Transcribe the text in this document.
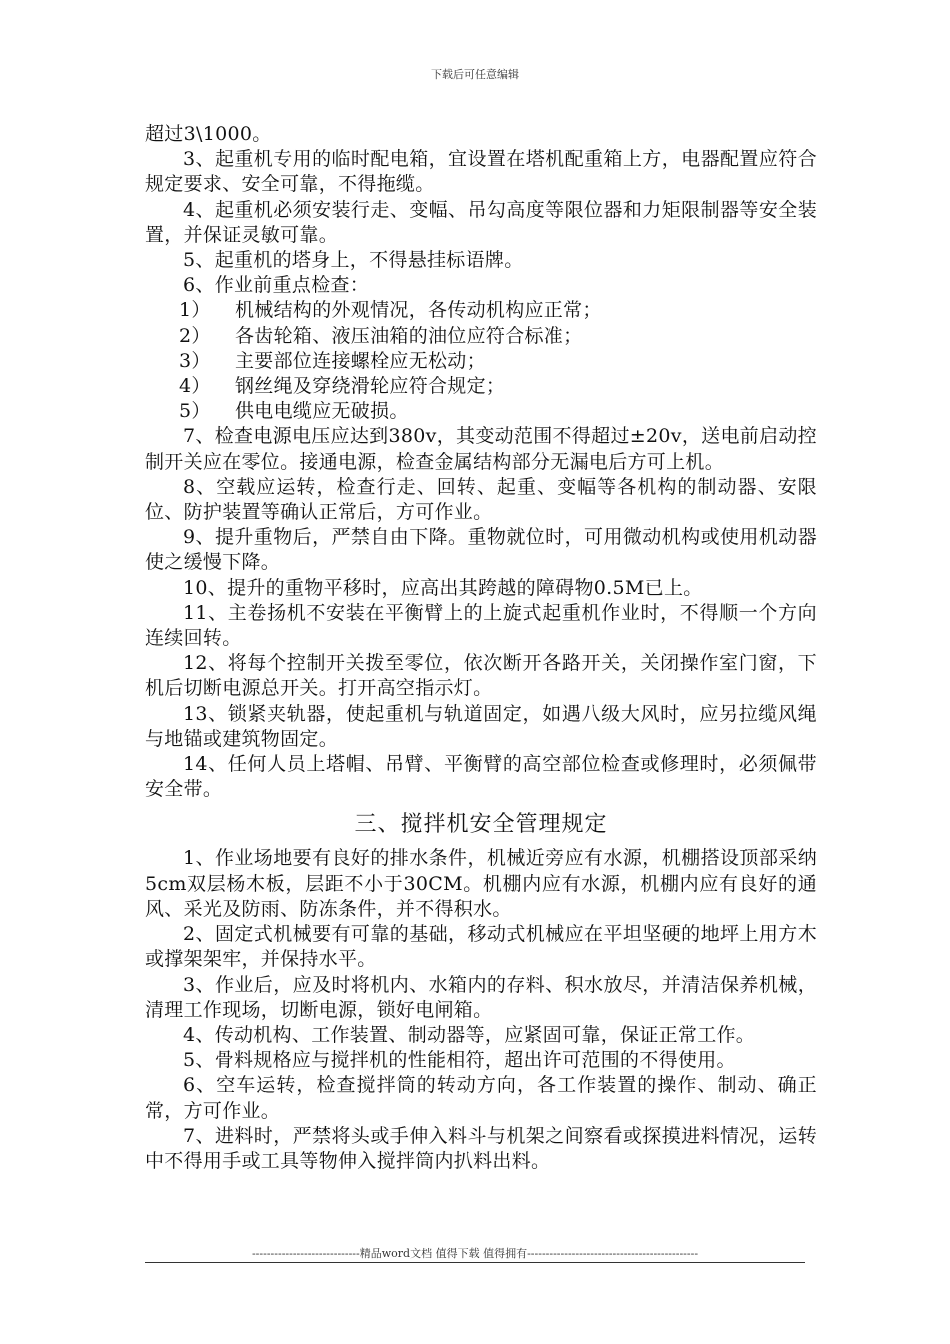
下载后可任意编辑

超过3\1000。

3、起重机专用的临时配电箱，宜设置在塔机配重箱上方，电器配置应符合规定要求、安全可靠，不得拖缆。

4、起重机必须安装行走、变幅、吊勾高度等限位器和力矩限制器等安全装置，并保证灵敏可靠。

5、起重机的塔身上，不得悬挂标语牌。

6、作业前重点检查：

1） 机械结构的外观情况，各传动机构应正常；
2） 各齿轮箱、液压油箱的油位应符合标准；
3） 主要部位连接螺栓应无松动；
4） 钢丝绳及穿绕滑轮应符合规定；
5） 供电电缆应无破损。

7、检查电源电压应达到380v，其变动范围不得超过±20v，送电前启动控制开关应在零位。接通电源，检查金属结构部分无漏电后方可上机。

8、空载应运转，检查行走、回转、起重、变幅等各机构的制动器、安限位、防护装置等确认正常后，方可作业。

9、提升重物后，严禁自由下降。重物就位时，可用微动机构或使用机动器使之缓慢下降。

10、提升的重物平移时，应高出其跨越的障碍物0.5M已上。

11、主卷扬机不安装在平衡臂上的上旋式起重机作业时，不得顺一个方向连续回转。

12、将每个控制开关拨至零位，依次断开各路开关，关闭操作室门窗，下机后切断电源总开关。打开高空指示灯。

13、锁紧夹轨器，使起重机与轨道固定，如遇八级大风时，应另拉缆风绳与地锚或建筑物固定。

14、任何人员上塔帽、吊臂、平衡臂的高空部位检查或修理时，必须佩带安全带。

三、搅拌机安全管理规定

1、作业场地要有良好的排水条件，机械近旁应有水源，机棚搭设顶部采纳5cm双层杨木板，层距不小于30CM。机棚内应有水源，机棚内应有良好的通风、采光及防雨、防冻条件，并不得积水。

2、固定式机械要有可靠的基础，移动式机械应在平坦坚硬的地坪上用方木或撑架架牢，并保持水平。

3、作业后，应及时将机内、水箱内的存料、积水放尽，并清洁保养机械，清理工作现场，切断电源，锁好电闸箱。

4、传动机构、工作装置、制动器等，应紧固可靠，保证正常工作。

5、骨料规格应与搅拌机的性能相符，超出许可范围的不得使用。

6、空车运转，检查搅拌筒的转动方向，各工作装置的操作、制动、确正常，方可作业。

7、进料时，严禁将头或手伸入料斗与机架之间察看或探摸进料情况，运转中不得用手或工具等物伸入搅拌筒内扒料出料。

-----------------------------精品word文档 值得下载 值得拥有----------------------------------------------
